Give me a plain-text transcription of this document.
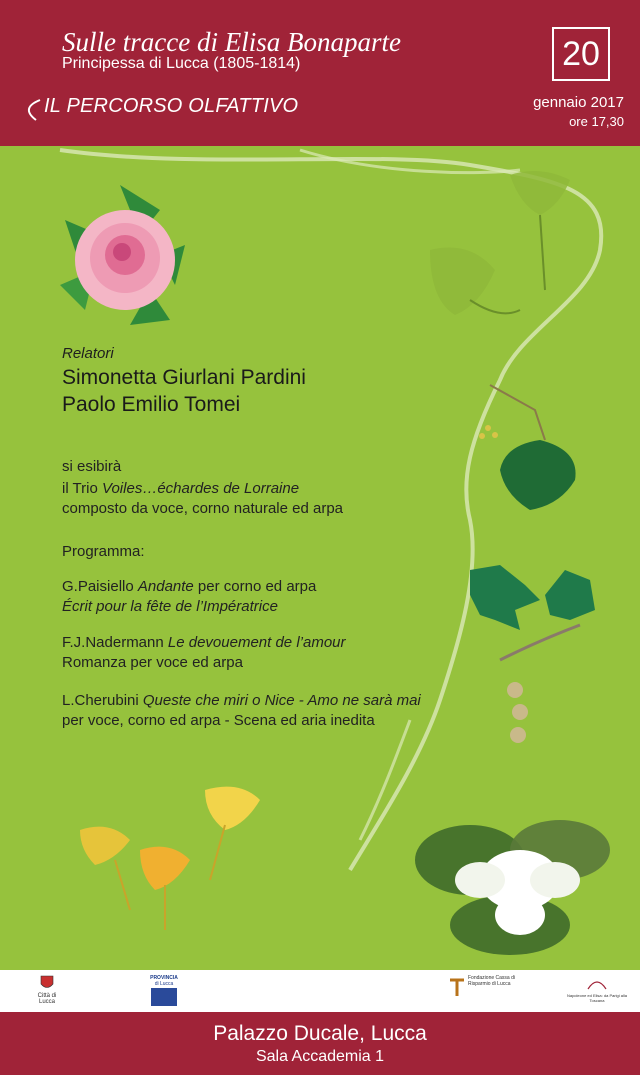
Sulle tracce di Elisa Bonaparte
Principessa di Lucca (1805-1814)
IL PERCORSO OLFATTIVO
20
gennaio 2017
ore 17,30
Relatori
Simonetta Giurlani Pardini
Paolo Emilio Tomei
si esibirà
il Trio Voiles…échardes de Lorraine
composto da voce, corno naturale ed arpa
Programma:
G.Paisiello Andante per corno ed arpa
Écrit pour la fête de l’Impératrice
F.J.Nadermann Le devouement de l’amour
Romanza per voce ed arpa
L.Cherubini Queste che miri o Nice - Amo ne sarà mai
per voce, corno ed arpa - Scena ed aria inedita
Città di Lucca
PROVINCIA
di Lucca
Fondazione Cassa di Risparmio di Lucca
Napoleone ed Elisa: da Parigi alla Toscana
Palazzo Ducale, Lucca
Sala Accademia 1
